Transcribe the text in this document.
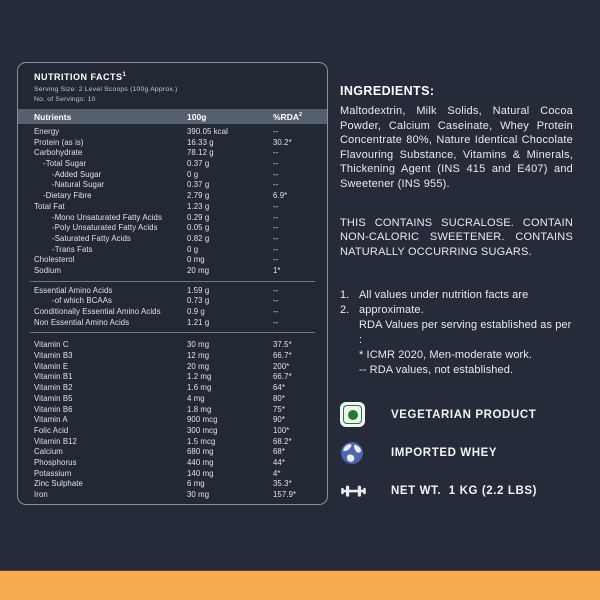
NUTRITION FACTS$^1$
Serving Size: 2 Level Scoops (100g Approx.)
No. of Servings: 10
Nutrients	100g	%RDA$^2$
Energy	390.05 kcal	--
Protein (as is)	16.33 g	30.2*
Carbohydrate	78.12 g	--
-Total Sugar	0.37 g	--
-Added Sugar	0 g	--
-Natural Sugar	0.37 g	--
-Dietary Fibre	2.79 g	6.9*
Total Fat	1.23 g	--
-Mono Unsaturated Fatty Acids	0.29 g	--
-Poly Unsaturated Fatty Acids	0.05 g	--
-Saturated Fatty Acids	0.82 g	--
-Trans Fats	0 g	--
Cholesterol	0 mg	--
Sodium	20 mg	1*
Essential Amino Acids	1.59 g	--
-of which BCAAs	0.73 g	--
Conditionally Essential Amino Acids	0.9 g	--
Non Essential Amino Acids	1.21 g	--
Vitamin C	30 mg	37.5*
Vitamin B3	12 mg	66.7*
Vitamin E	20 mg	200*
Vitamin B1	1.2 mg	66.7*
Vitamin B2	1.6 mg	64*
Vitamin B5	4 mg	80*
Vitamin B6	1.8 mg	75*
Vitamin A	900 mcg	90*
Folic Acid	300 mcg	100*
Vitamin B12	1.5 mcg	68.2*
Calcium	680 mg	68*
Phosphorus	440 mg	44*
Potassium	140 mg	4*
Zinc Sulphate	6 mg	35.3*
Iron	30 mg	157.9*
INGREDIENTS:
Maltodextrin, Milk Solids, Natural Cocoa Powder, Calcium Caseinate, Whey Protein Concentrate 80%, Nature Identical Chocolate Flavouring Substance, Vitamins & Minerals, Thickening Agent (INS 415 and E407) and Sweetener (INS 955).
THIS CONTAINS SUCRALOSE. CONTAIN NON-CALORIC SWEETENER. CONTAINS NATURALLY OCCURRING SUGARS.
1. All values under nutrition facts are
2. approximate.
RDA Values per serving established as per :
* ICMR 2020, Men-moderate work.
-- RDA values, not established.
VEGETARIAN PRODUCT
IMPORTED WHEY
NET WT.  1 KG (2.2 LBS)
